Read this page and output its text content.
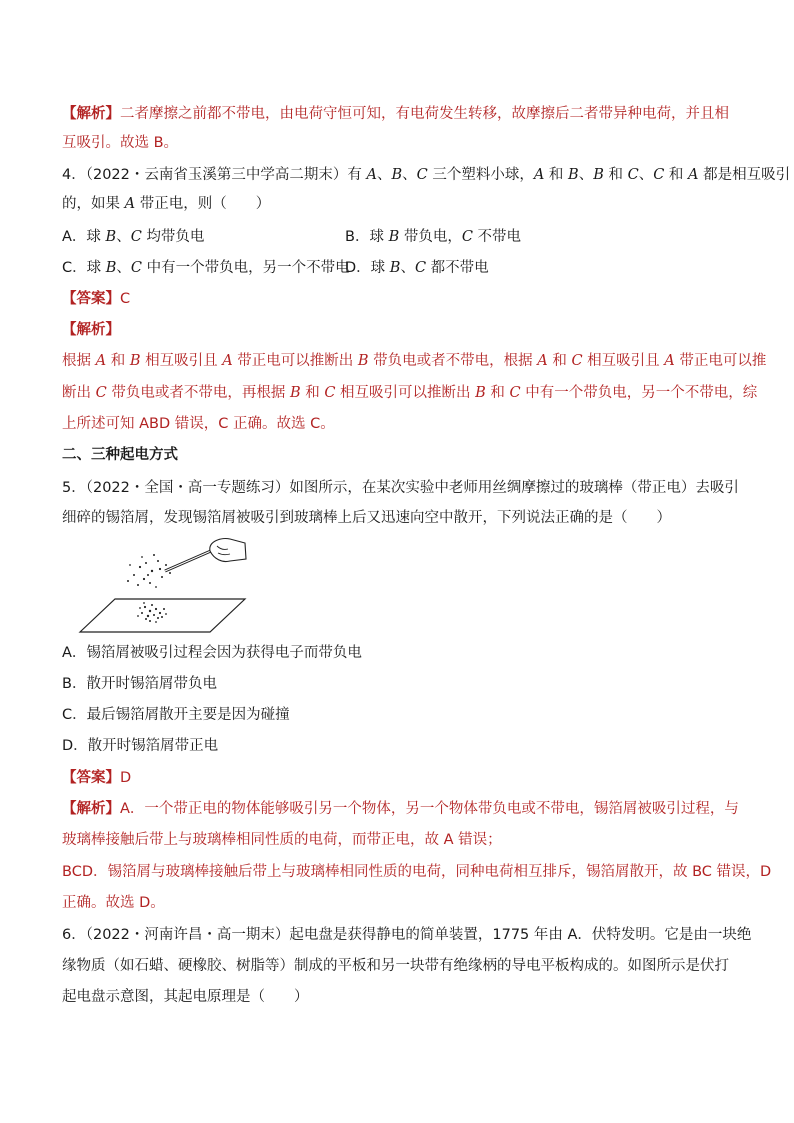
【解析】二者摩擦之前都不带电，由电荷守恒可知，有电荷发生转移，故摩擦后二者带异种电荷，并且相
互吸引。故选 B。
4．（2022・云南省玉溪第三中学高二期末）有 A、B、C 三个塑料小球，A 和 B、B 和 C、C 和 A 都是相互吸引
的，如果 A 带正电，则（　　）
A．球 B、C 均带负电	B．球 B 带负电，C 不带电
C．球 B、C 中有一个带负电，另一个不带电
D．球 B、C 都不带电
【答案】C
【解析】
根据 A 和 B 相互吸引且 A 带正电可以推断出 B 带负电或者不带电，根据 A 和 C 相互吸引且 A 带正电可以推
断出 C 带负电或者不带电，再根据 B 和 C 相互吸引可以推断出 B 和 C 中有一个带负电，另一个不带电，综
上所述可知 ABD 错误，C 正确。故选 C。
二、三种起电方式
5．（2022・全国・高一专题练习）如图所示，在某次实验中老师用丝绸摩擦过的玻璃棒（带正电）去吸引
细碎的锡箔屑，发现锡箔屑被吸引到玻璃棒上后又迅速向空中散开，下列说法正确的是（　　）
A．锡箔屑被吸引过程会因为获得电子而带负电
B．散开时锡箔屑带负电
C．最后锡箔屑散开主要是因为碰撞
D．散开时锡箔屑带正电
【答案】D
【解析】A．一个带正电的物体能够吸引另一个物体，另一个物体带负电或不带电，锡箔屑被吸引过程，与
玻璃棒接触后带上与玻璃棒相同性质的电荷，而带正电，故 A 错误；
BCD．锡箔屑与玻璃棒接触后带上与玻璃棒相同性质的电荷，同种电荷相互排斥，锡箔屑散开，故 BC 错误，D
正确。故选 D。
6．（2022・河南许昌・高一期末）起电盘是获得静电的简单装置，1775 年由 A．伏特发明。它是由一块绝
缘物质（如石蜡、硬橡胶、树脂等）制成的平板和另一块带有绝缘柄的导电平板构成的。如图所示是伏打
起电盘示意图，其起电原理是（　　）
